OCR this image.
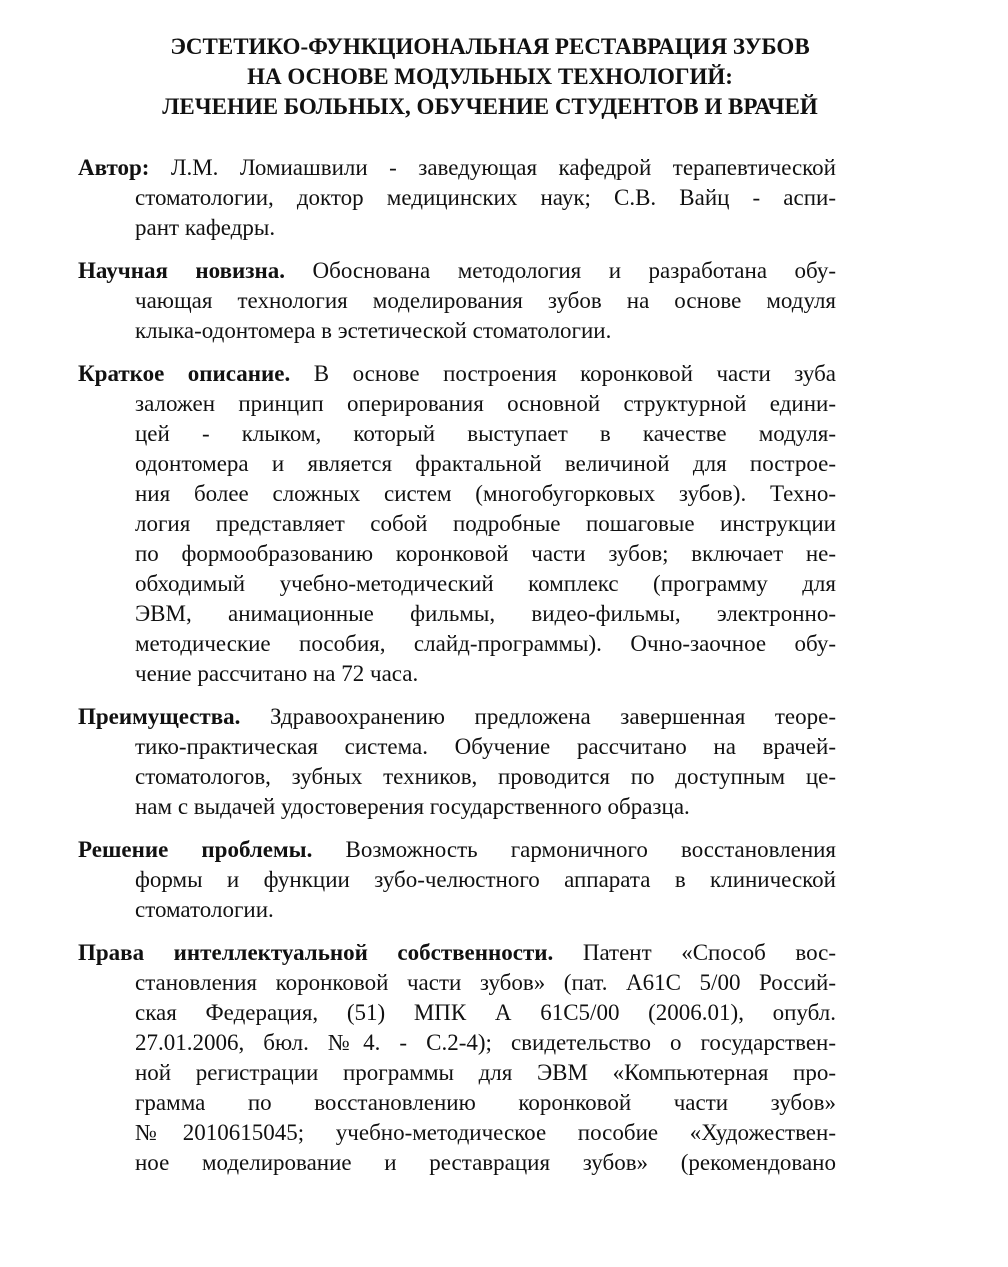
ЭСТЕТИКО-ФУНКЦИОНАЛЬНАЯ РЕСТАВРАЦИЯ ЗУБОВ
НА ОСНОВЕ МОДУЛЬНЫХ ТЕХНОЛОГИЙ:
ЛЕЧЕНИЕ БОЛЬНЫХ, ОБУЧЕНИЕ СТУДЕНТОВ И ВРАЧЕЙ
Автор: Л.М. Ломиашвили - заведующая кафедрой терапевтической
стоматологии, доктор медицинских наук; С.В. Вайц - аспи-
рант кафедры.
Научная новизна. Обоснована методология и разработана обу-
чающая технология моделирования зубов на основе модуля
клыка-одонтомера в эстетической стоматологии.
Краткое описание. В основе построения коронковой части зуба
заложен принцип оперирования основной структурной едини-
цей - клыком, который выступает в качестве модуля-
одонтомера и является фрактальной величиной для построе-
ния более сложных систем (многобугорковых зубов). Техно-
логия представляет собой подробные пошаговые инструкции
по формообразованию коронковой части зубов; включает не-
обходимый учебно-методический комплекс (программу для
ЭВМ, анимационные фильмы, видео-фильмы, электронно-
методические пособия, слайд-программы). Очно-заочное обу-
чение рассчитано на 72 часа.
Преимущества. Здравоохранению предложена завершенная теоре-
тико-практическая система. Обучение рассчитано на врачей-
стоматологов, зубных техников, проводится по доступным це-
нам с выдачей удостоверения государственного образца.
Решение проблемы. Возможность гармоничного восстановления
формы и функции зубо-челюстного аппарата в клинической
стоматологии.
Права интеллектуальной собственности. Патент «Способ вос-
становления коронковой части зубов» (пат. А61С 5/00 Россий-
ская Федерация, (51) МПК А 61С5/00 (2006.01), опубл.
27.01.2006, бюл. №4. - С.2-4); свидетельство о государствен-
ной регистрации программы для ЭВМ «Компьютерная про-
грамма по восстановлению коронковой части зубов»
№2010615045; учебно-методическое пособие «Художествен-
ное моделирование и реставрация зубов» (рекомендовано
